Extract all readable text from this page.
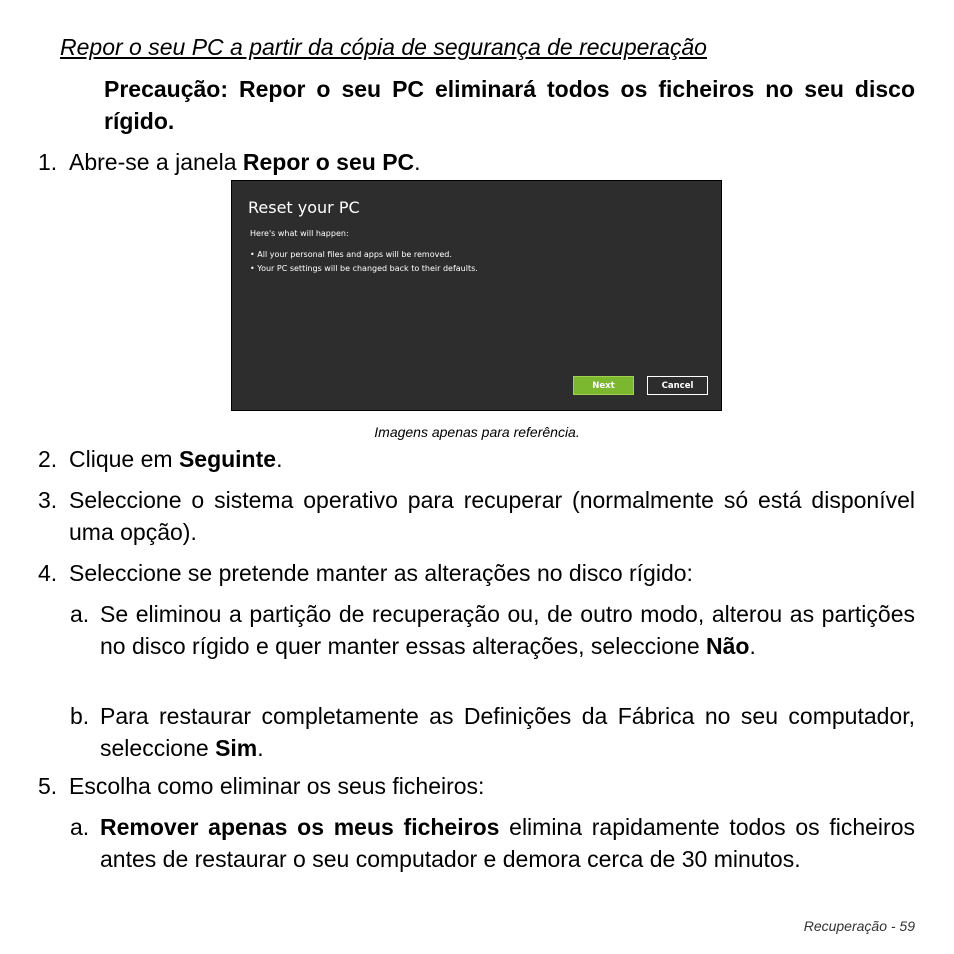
Repor o seu PC a partir da cópia de segurança de recuperação
Precaução: Repor o seu PC eliminará todos os ficheiros no seu disco rígido.
1. Abre-se a janela Repor o seu PC.
Reset your PC
Here's what will happen:
• All your personal files and apps will be removed.
• Your PC settings will be changed back to their defaults.
Next	Cancel
Imagens apenas para referência.
2. Clique em Seguinte.
3. Seleccione o sistema operativo para recuperar (normalmente só está disponível uma opção).
4. Seleccione se pretende manter as alterações no disco rígido:
a. Se eliminou a partição de recuperação ou, de outro modo, alterou as partições no disco rígido e quer manter essas alterações, seleccione Não.
b. Para restaurar completamente as Definições da Fábrica no seu computador, seleccione Sim.
5. Escolha como eliminar os seus ficheiros:
a. Remover apenas os meus ficheiros elimina rapidamente todos os ficheiros antes de restaurar o seu computador e demora cerca de 30 minutos.
Recuperação - 59
